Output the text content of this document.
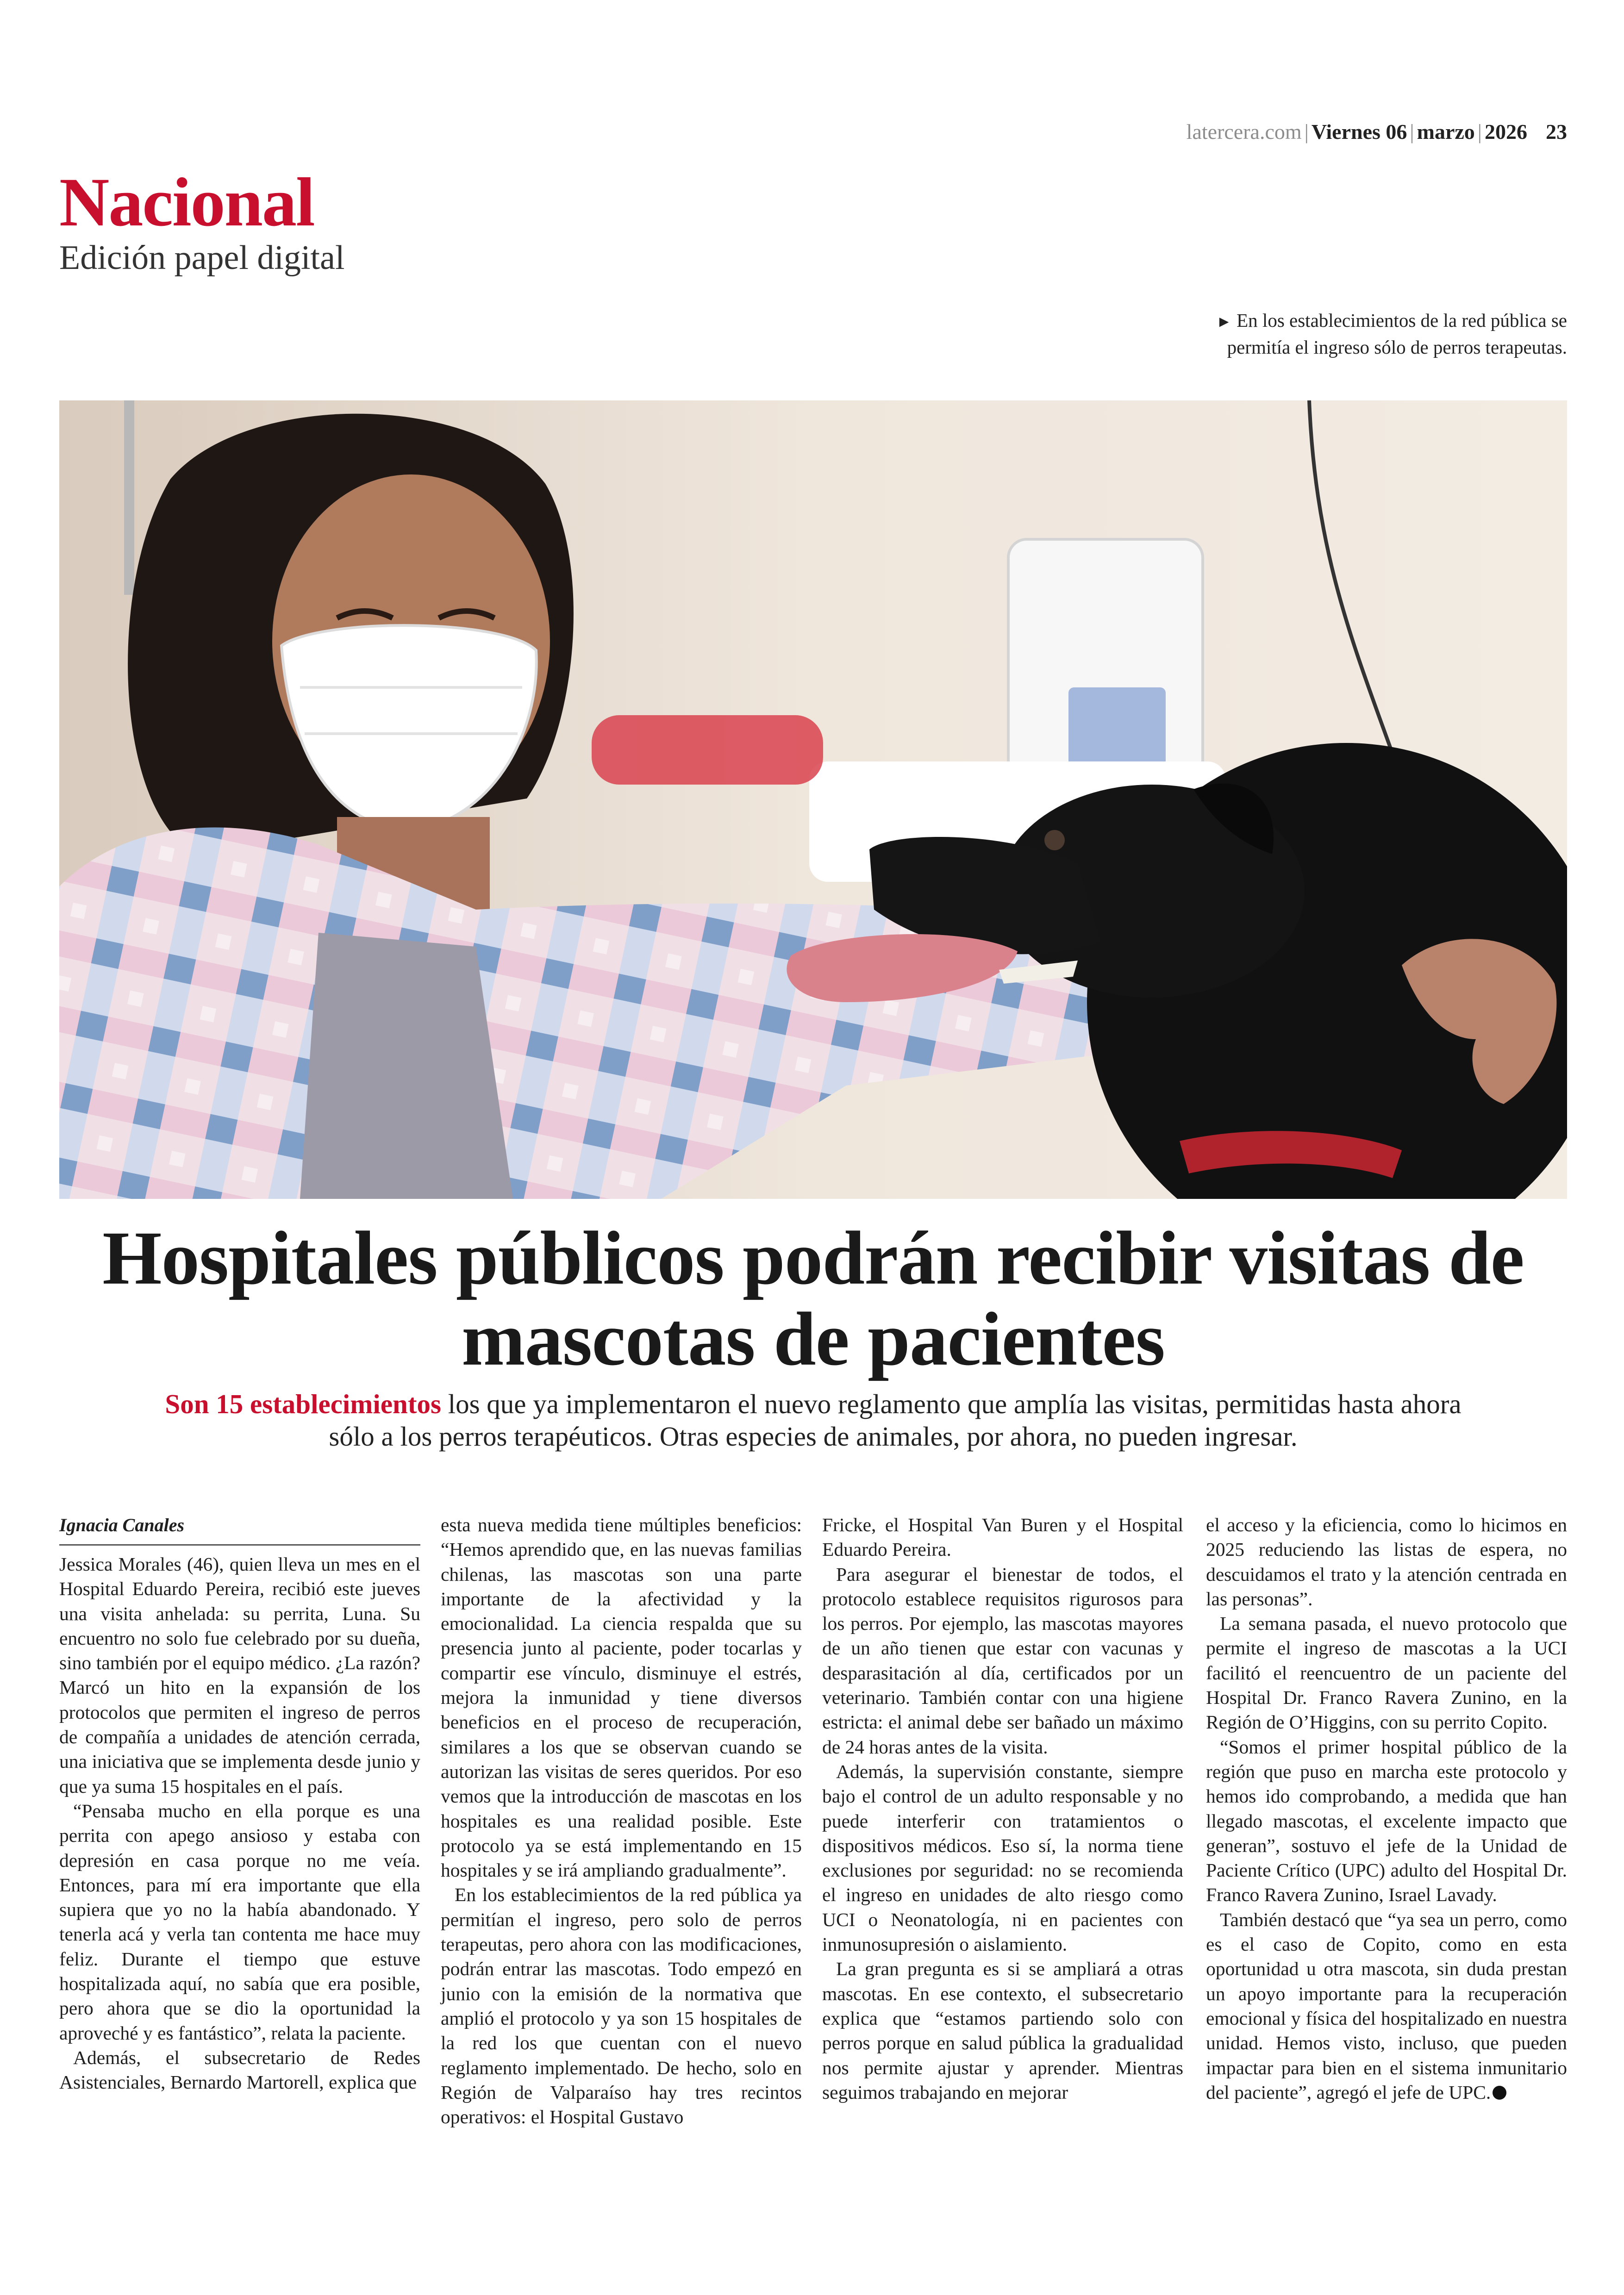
latercera.com | Viernes 06 | marzo | 2026 23
Nacional
Edición papel digital
► En los establecimientos de la red pública se permitía el ingreso sólo de perros terapeutas.
Hospitales públicos podrán recibir visitas de mascotas de pacientes
Son 15 establecimientos los que ya implementaron el nuevo reglamento que amplía las visitas, permitidas hasta ahora sólo a los perros terapéuticos. Otras especies de animales, por ahora, no pueden ingresar.
Ignacia Canales

Jessica Morales (46), quien lleva un mes en el Hospital Eduardo Pereira, recibió este jueves una visita anhelada: su perrita, Luna. Su encuentro no solo fue celebrado por su dueña, sino también por el equipo médico. ¿La razón? Marcó un hito en la expansión de los protocolos que permiten el ingreso de perros de compañía a unidades de atención cerrada, una iniciativa que se implementa desde junio y que ya suma 15 hospitales en el país.

“Pensaba mucho en ella porque es una perrita con apego ansioso y estaba con depresión en casa porque no me veía. Entonces, para mí era importante que ella supiera que yo no la había abandonado. Y tenerla acá y verla tan contenta me hace muy feliz. Durante el tiempo que estuve hospitalizada aquí, no sabía que era posible, pero ahora que se dio la oportunidad la aproveché y es fantástico”, relata la paciente.

Además, el subsecretario de Redes Asistenciales, Bernardo Martorell, explica que

esta nueva medida tiene múltiples beneficios: “Hemos aprendido que, en las nuevas familias chilenas, las mascotas son una parte importante de la afectividad y la emocionalidad. La ciencia respalda que su presencia junto al paciente, poder tocarlas y compartir ese vínculo, disminuye el estrés, mejora la inmunidad y tiene diversos beneficios en el proceso de recuperación, similares a los que se observan cuando se autorizan las visitas de seres queridos. Por eso vemos que la introducción de mascotas en los hospitales es una realidad posible. Este protocolo ya se está implementando en 15 hospitales y se irá ampliando gradualmente”.

En los establecimientos de la red pública ya permitían el ingreso, pero solo de perros terapeutas, pero ahora con las modificaciones, podrán entrar las mascotas. Todo empezó en junio con la emisión de la normativa que amplió el protocolo y ya son 15 hospitales de la red los que cuentan con el nuevo reglamento implementado. De hecho, solo en Región de Valparaíso hay tres recintos operativos: el Hospital Gustavo

Fricke, el Hospital Van Buren y el Hospital Eduardo Pereira.

Para asegurar el bienestar de todos, el protocolo establece requisitos rigurosos para los perros. Por ejemplo, las mascotas mayores de un año tienen que estar con vacunas y desparasitación al día, certificados por un veterinario. También contar con una higiene estricta: el animal debe ser bañado un máximo de 24 horas antes de la visita.

Además, la supervisión constante, siempre bajo el control de un adulto responsable y no puede interferir con tratamientos o dispositivos médicos. Eso sí, la norma tiene exclusiones por seguridad: no se recomienda el ingreso en unidades de alto riesgo como UCI o Neonatología, ni en pacientes con inmunosupresión o aislamiento.

La gran pregunta es si se ampliará a otras mascotas. En ese contexto, el subsecretario explica que “estamos partiendo solo con perros porque en salud pública la gradualidad nos permite ajustar y aprender. Mientras seguimos trabajando en mejorar

el acceso y la eficiencia, como lo hicimos en 2025 reduciendo las listas de espera, no descuidamos el trato y la atención centrada en las personas”.

La semana pasada, el nuevo protocolo que permite el ingreso de mascotas a la UCI facilitó el reencuentro de un paciente del Hospital Dr. Franco Ravera Zunino, en la Región de O’Higgins, con su perrito Copito.

“Somos el primer hospital público de la región que puso en marcha este protocolo y hemos ido comprobando, a medida que han llegado mascotas, el excelente impacto que generan”, sostuvo el jefe de la Unidad de Paciente Crítico (UPC) adulto del Hospital Dr. Franco Ravera Zunino, Israel Lavady.

También destacó que “ya sea un perro, como es el caso de Copito, como en esta oportunidad u otra mascota, sin duda prestan un apoyo importante para la recuperación emocional y física del hospitalizado en nuestra unidad. Hemos visto, incluso, que pueden impactar para bien en el sistema inmunitario del paciente”, agregó el jefe de UPC.
